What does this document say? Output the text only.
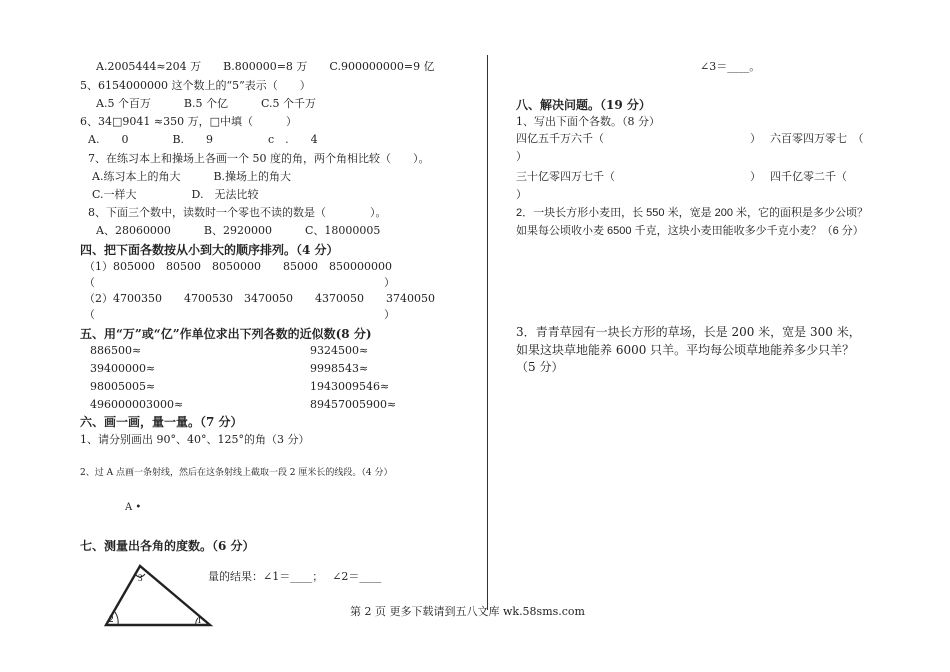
A.2005444≈204 万　　B.800000=8 万　　C.900000000=9 亿
5、6154000000 这个数上的“5”表示（　　）
A.5 个百万　　　B.5 个亿　　　C.5 个千万
6、34□9041 ≈350 万，□中填（　　　）
A.　　0　　　　B.　　9　　　　　c　.　　4
7、在练习本上和操场上各画一个 50 度的角，两个角相比较（　　）。
A.练习本上的角大　　　B.操场上的角大
C.一样大　　　　　D.　无法比较
8、下面三个数中，读数时一个零也不读的数是（　　　　）。
A、28060000　　　B、2920000　　　C、18000005
四、把下面各数按从小到大的顺序排列。（4 分）
（1）805000　80500　8050000　　85000　850000000
（	）
（2）4700350　　4700530　3470050　　4370050　　3740050
（	）
五、用“万”或“亿”作单位求出下列各数的近似数(8 分)
886500≈	9324500≈
39400000≈	9998543≈
98005005≈	1943009546≈
496000003000≈	89457005900≈
六、画一画，量一量。（7 分）
1、请分别画出 90°、40°、125°的角（3 分）
2、过 A 点画一条射线，然后在这条射线上截取一段 2 厘米长的线段。（4 分）
A •
七、测量出各角的度数。（6 分）
3
2	1
量的结果：∠1＝____；　 ∠2＝____
∠3＝____。
八、解决问题。（19 分）
1、写出下面个各数。（8 分）
四亿五千万六千（	）　 六百零四万零七　（
）
三十亿零四万七千（	）　 四千亿零二千（
）
2．一块长方形小麦田，长 550 米，宽是 200 米，它的面积是多少公顷？
如果每公顷收小麦 6500 千克，这块小麦田能收多少千克小麦？（6 分）
3．青青草园有一块长方形的草场，长是 200 米，宽是 300 米，
如果这块草地能养 6000 只羊。平均每公顷草地能养多少只羊？
（5 分）
第 2 页 更多下载请到五八文库 wk.58sms.com
